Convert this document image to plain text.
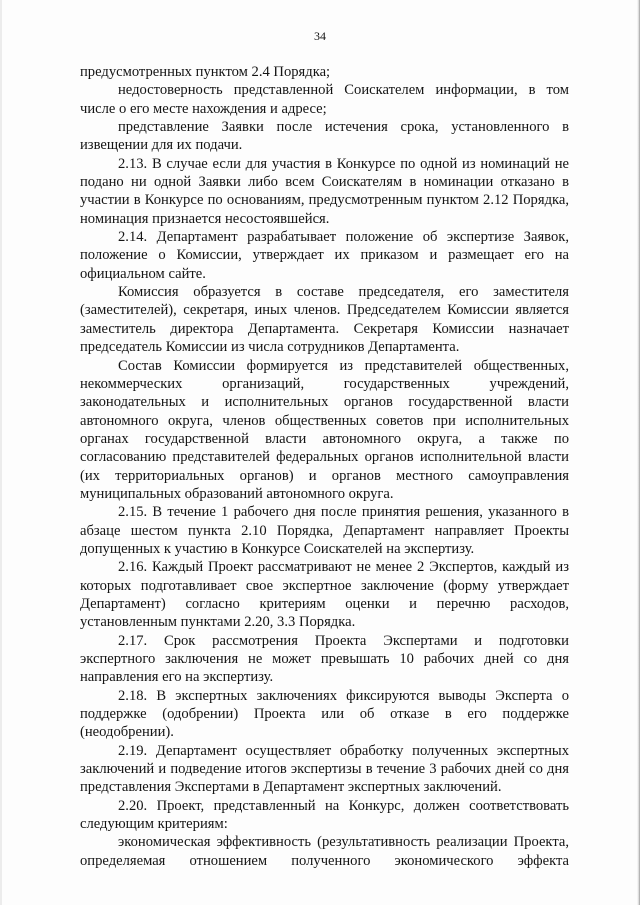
34

предусмотренных пунктом 2.4 Порядка;

недостоверность представленной Соискателем информации, в том числе о его месте нахождения и адресе;

представление Заявки после истечения срока, установленного в извещении для их подачи.

2.13. В случае если для участия в Конкурсе по одной из номинаций не подано ни одной Заявки либо всем Соискателям в номинации отказано в участии в Конкурсе по основаниям, предусмотренным пунктом 2.12 Порядка, номинация признается несостоявшейся.

2.14. Департамент разрабатывает положение об экспертизе Заявок, положение о Комиссии, утверждает их приказом и размещает его на официальном сайте.

Комиссия образуется в составе председателя, его заместителя (заместителей), секретаря, иных членов. Председателем Комиссии является заместитель директора Департамента. Секретаря Комиссии назначает председатель Комиссии из числа сотрудников Департамента.

Состав Комиссии формируется из представителей общественных, некоммерческих организаций, государственных учреждений, законодательных и исполнительных органов государственной власти автономного округа, членов общественных советов при исполнительных органах государственной власти автономного округа, а также по согласованию представителей федеральных органов исполнительной власти (их территориальных органов) и органов местного самоуправления муниципальных образований автономного округа.

2.15. В течение 1 рабочего дня после принятия решения, указанного в абзаце шестом пункта 2.10 Порядка, Департамент направляет Проекты допущенных к участию в Конкурсе Соискателей на экспертизу.

2.16. Каждый Проект рассматривают не менее 2 Экспертов, каждый из которых подготавливает свое экспертное заключение (форму утверждает Департамент) согласно критериям оценки и перечню расходов, установленным пунктами 2.20, 3.3 Порядка.

2.17. Срок рассмотрения Проекта Экспертами и подготовки экспертного заключения не может превышать 10 рабочих дней со дня направления его на экспертизу.

2.18. В экспертных заключениях фиксируются выводы Эксперта о поддержке (одобрении) Проекта или об отказе в его поддержке (неодобрении).

2.19. Департамент осуществляет обработку полученных экспертных заключений и подведение итогов экспертизы в течение 3 рабочих дней со дня представления Экспертами в Департамент экспертных заключений.

2.20. Проект, представленный на Конкурс, должен соответствовать следующим критериям:

экономическая эффективность (результативность реализации Проекта, определяемая отношением полученного экономического эффекта
